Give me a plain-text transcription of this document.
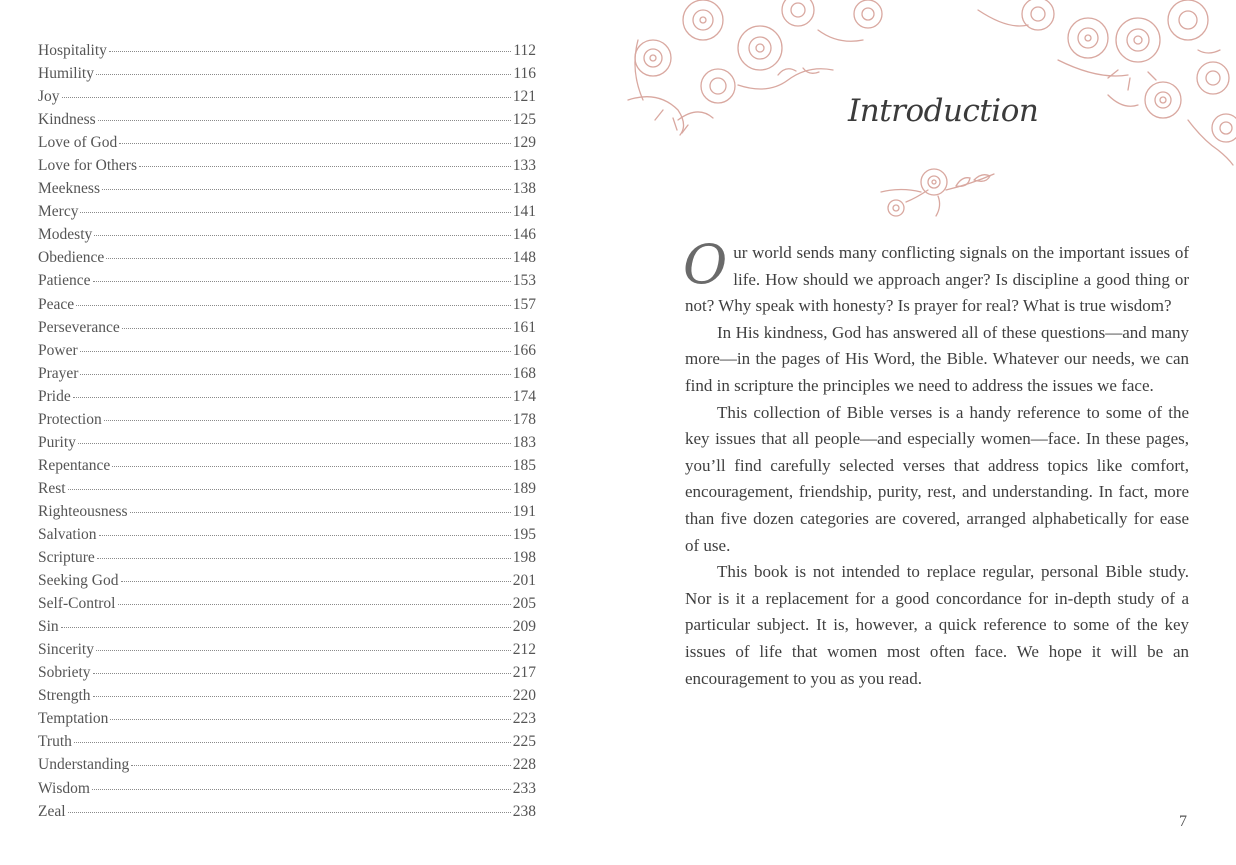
Hospitality	112
Humility	116
Joy	121
Kindness	125
Love of God	129
Love for Others	133
Meekness	138
Mercy	141
Modesty	146
Obedience	148
Patience	153
Peace	157
Perseverance	161
Power	166
Prayer	168
Pride	174
Protection	178
Purity	183
Repentance	185
Rest	189
Righteousness	191
Salvation	195
Scripture	198
Seeking God	201
Self-Control	205
Sin	209
Sincerity	212
Sobriety	217
Strength	220
Temptation	223
Truth	225
Understanding	228
Wisdom	233
Zeal	238
Introduction

Our world sends many conflicting signals on the important issues of life. How should we approach anger? Is discipline a good thing or not? Why speak with honesty? Is prayer for real? What is true wisdom?

In His kindness, God has answered all of these questions—and many more—in the pages of His Word, the Bible. Whatever our needs, we can find in scripture the principles we need to address the issues we face.

This collection of Bible verses is a handy reference to some of the key issues that all people—and especially women—face. In these pages, you’ll find carefully selected verses that address topics like comfort, encouragement, friendship, purity, rest, and understanding. In fact, more than five dozen categories are covered, arranged alphabetically for ease of use.

This book is not intended to replace regular, personal Bible study. Nor is it a replacement for a good concordance for in-depth study of a particular subject. It is, however, a quick reference to some of the key issues of life that women most often face. We hope it will be an encouragement to you as you read.

7
